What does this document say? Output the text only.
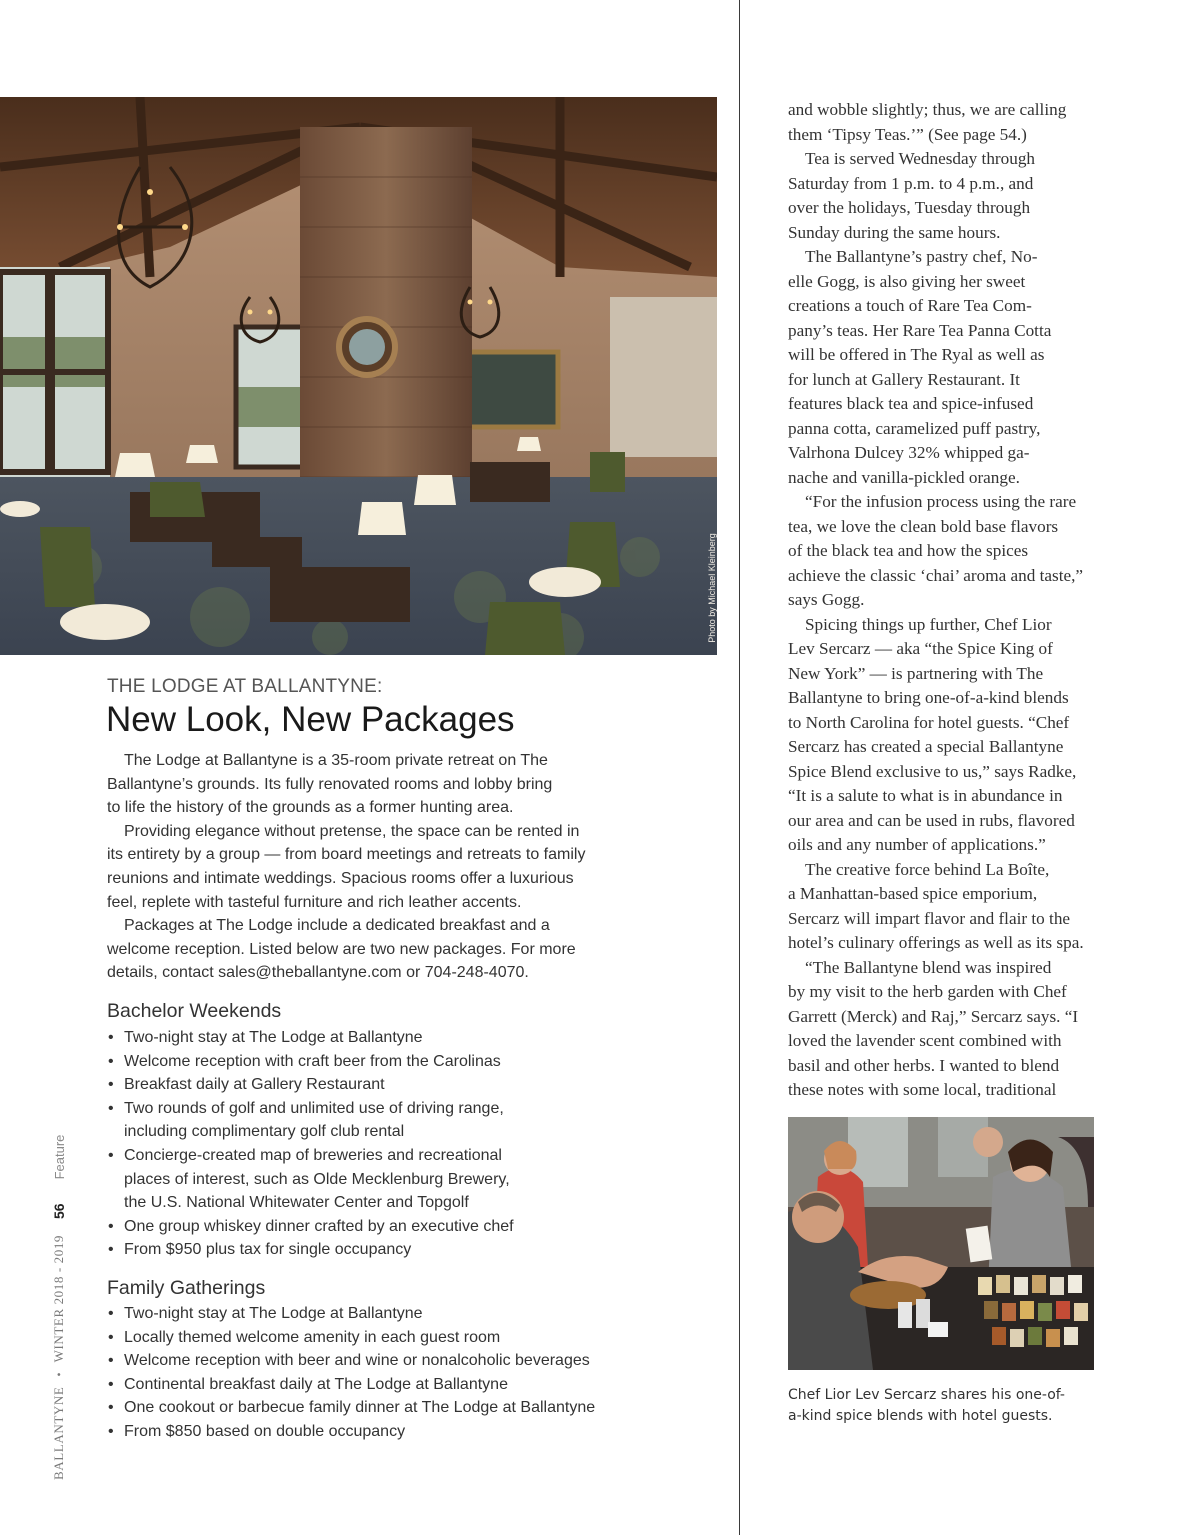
Photo by Michael Kleinberg
THE LODGE AT BALLANTYNE:
New Look, New Packages
The Lodge at Ballantyne is a 35-room private retreat on The
Ballantyne’s grounds. Its fully renovated rooms and lobby bring
to life the history of the grounds as a former hunting area.
Providing elegance without pretense, the space can be rented in
its entirety by a group — from board meetings and retreats to family
reunions and intimate weddings. Spacious rooms offer a luxurious
feel, replete with tasteful furniture and rich leather accents.
Packages at The Lodge include a dedicated breakfast and a
welcome reception. Listed below are two new packages. For more
details, contact sales@theballantyne.com or 704-248-4070.
Bachelor Weekends
• Two-night stay at The Lodge at Ballantyne
• Welcome reception with craft beer from the Carolinas
• Breakfast daily at Gallery Restaurant
• Two rounds of golf and unlimited use of driving range,
including complimentary golf club rental
• Concierge-created map of breweries and recreational
places of interest, such as Olde Mecklenburg Brewery,
the U.S. National Whitewater Center and Topgolf
• One group whiskey dinner crafted by an executive chef
• From $950 plus tax for single occupancy
Family Gatherings
• Two-night stay at The Lodge at Ballantyne
• Locally themed welcome amenity in each guest room
• Welcome reception with beer and wine or nonalcoholic beverages
• Continental breakfast daily at The Lodge at Ballantyne
• One cookout or barbecue family dinner at The Lodge at Ballantyne
• From $850 based on double occupancy
BALLANTYNE
•
WINTER 2018 - 2019
56
Feature

and wobble slightly; thus, we are calling

them ‘Tipsy Teas.’” (See page 54.)

Tea is served Wednesday through

Saturday from 1 p.m. to 4 p.m., and

over the holidays, Tuesday through

Sunday during the same hours.

The Ballantyne’s pastry chef, No-

elle Gogg, is also giving her sweet

creations a touch of Rare Tea Com-

pany’s teas. Her Rare Tea Panna Cotta

will be offered in The Ryal as well as

for lunch at Gallery Restaurant. It

features black tea and spice-infused

panna cotta, caramelized puff pastry,

Valrhona Dulcey 32% whipped ga-

nache and vanilla-pickled orange.

“For the infusion process using the rare

tea, we love the clean bold base flavors

of the black tea and how the spices

achieve the classic ‘chai’ aroma and taste,”

says Gogg.

Spicing things up further, Chef Lior

Lev Sercarz — aka “the Spice King of

New York” — is partnering with The

Ballantyne to bring one-of-a-kind blends

to North Carolina for hotel guests. “Chef

Sercarz has created a special Ballantyne

Spice Blend exclusive to us,” says Radke,

“It is a salute to what is in abundance in

our area and can be used in rubs, flavored

oils and any number of applications.”

The creative force behind La Boîte,

a Manhattan-based spice emporium,

Sercarz will impart flavor and flair to the

hotel’s culinary offerings as well as its spa.

“The Ballantyne blend was inspired

by my visit to the herb garden with Chef

Garrett (Merck) and Raj,” Sercarz says. “I

loved the lavender scent combined with

basil and other herbs. I wanted to blend

these notes with some local, traditional

Chef Lior Lev Sercarz shares his one-of-
a-kind spice blends with hotel guests.
